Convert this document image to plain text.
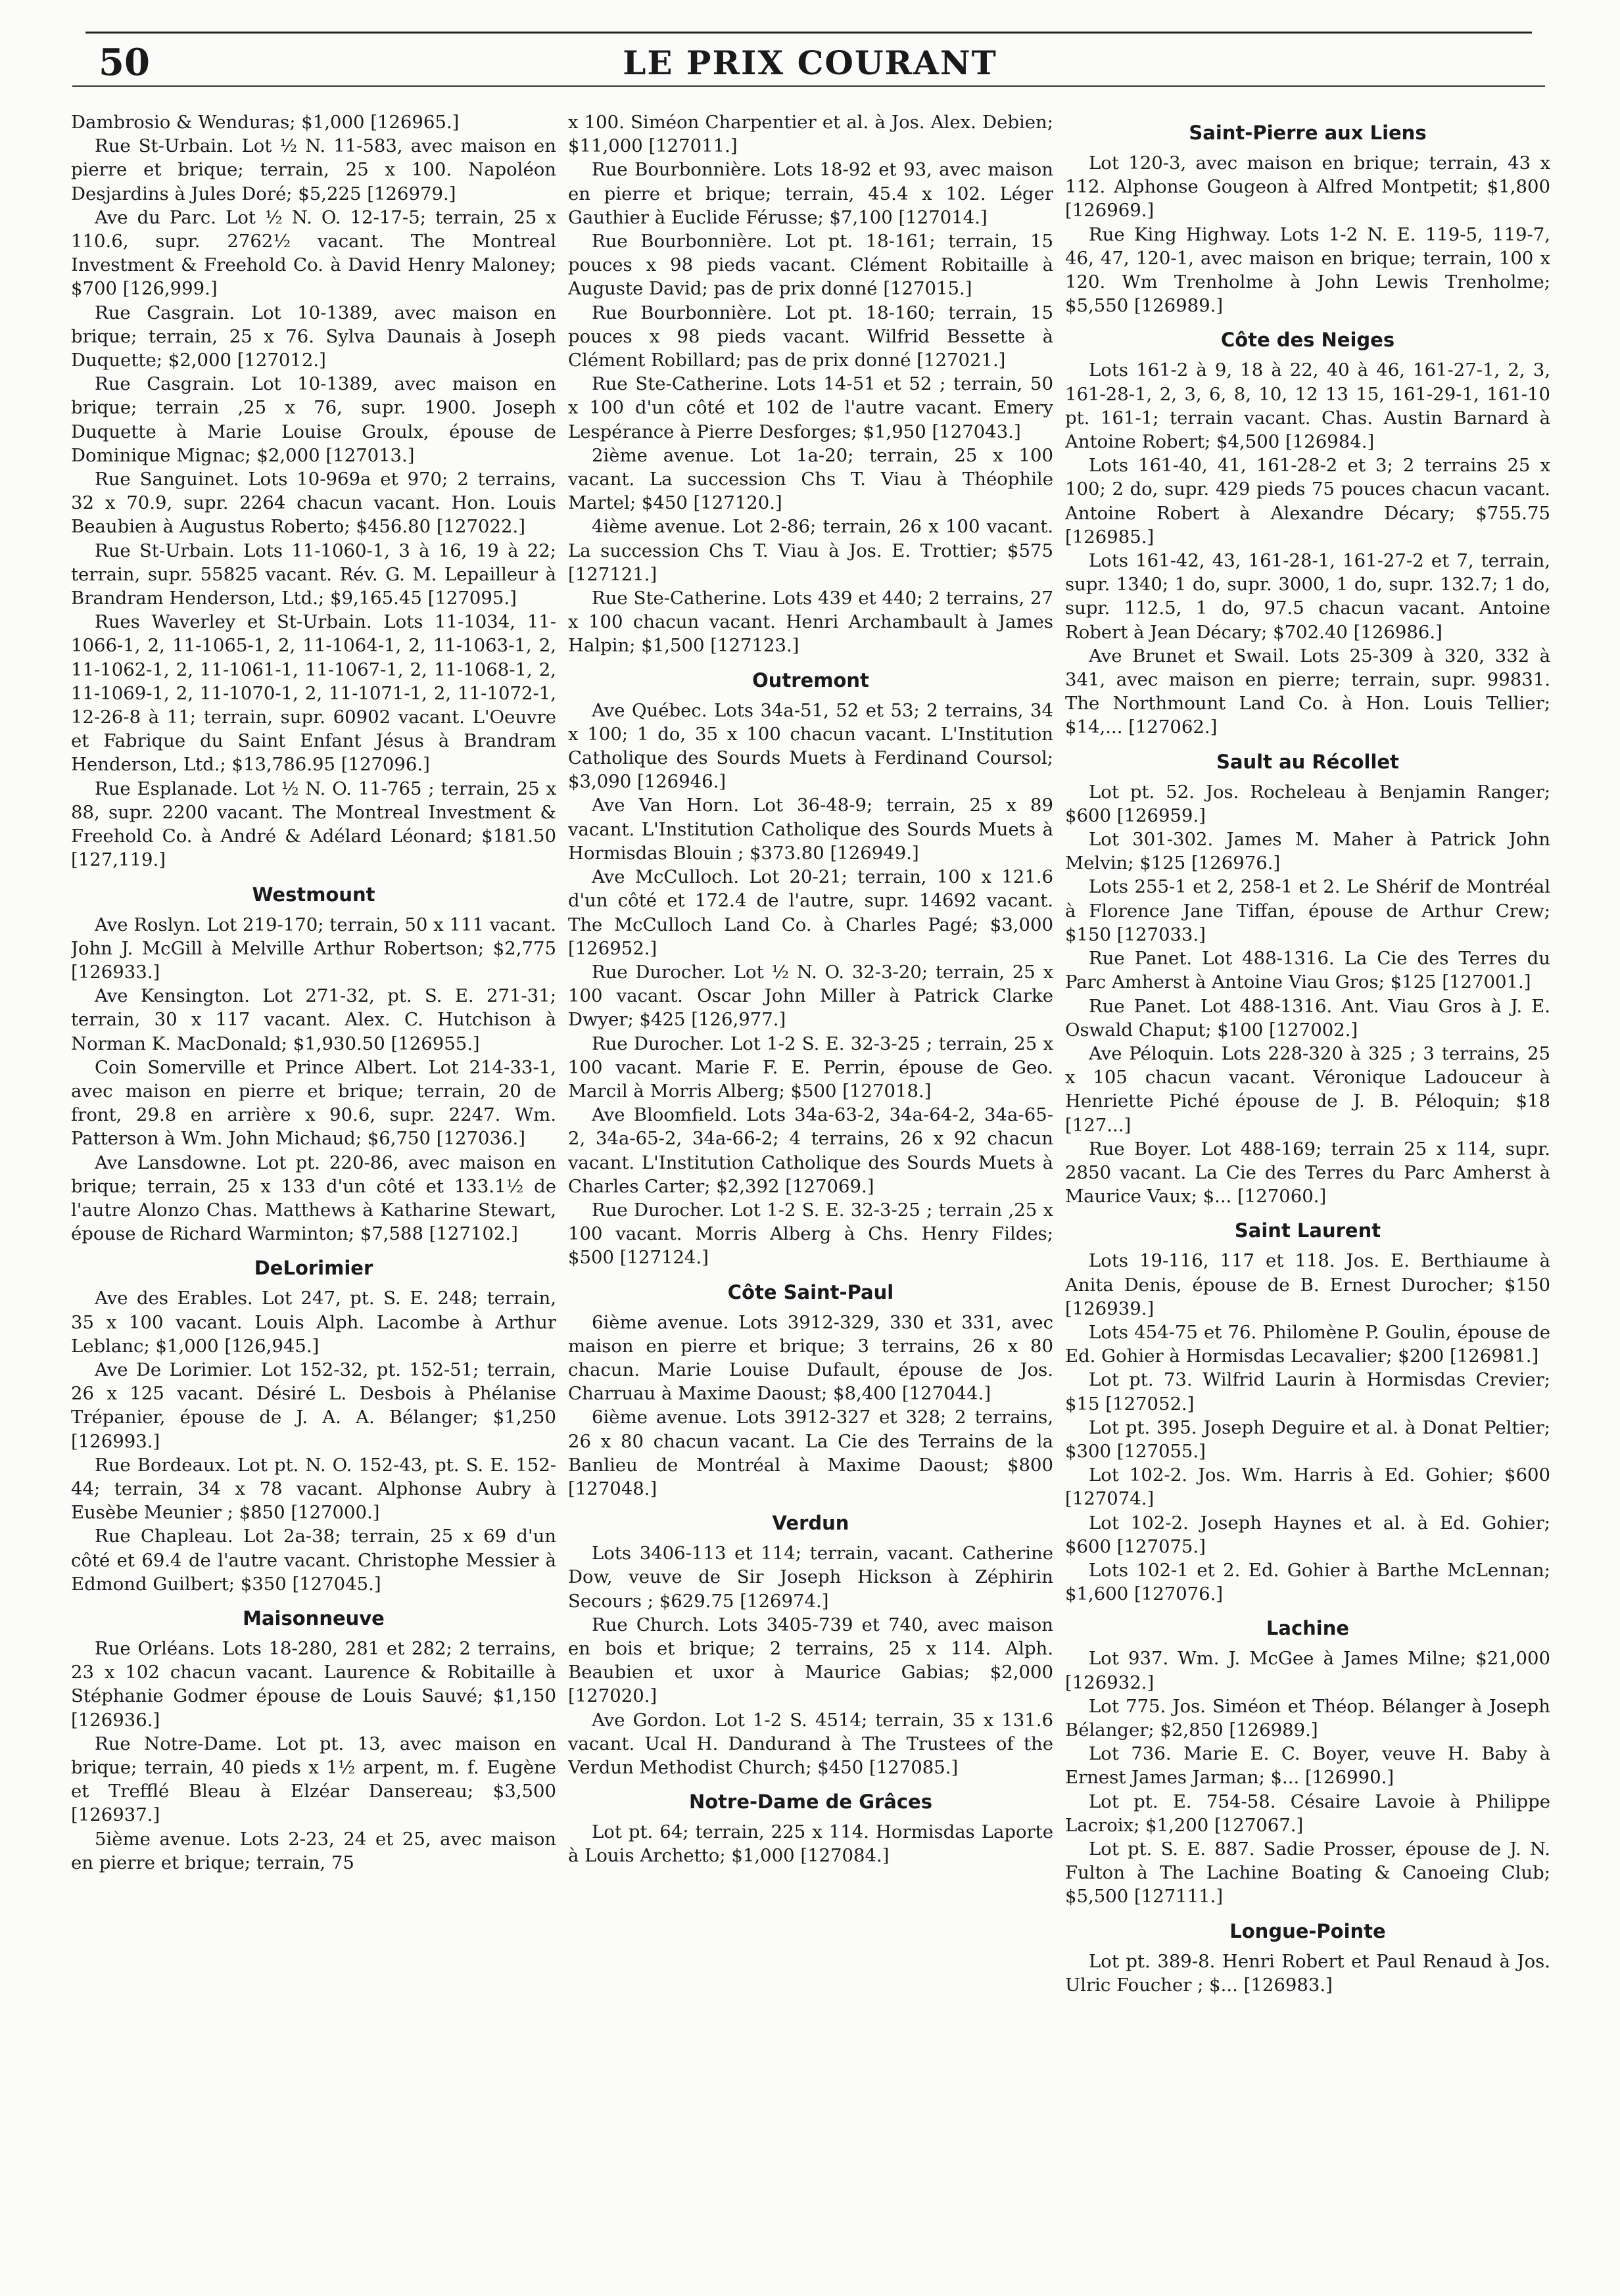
50	LE PRIX COURANT

Dambrosio & Wenduras; $1,000 [126965.]

Rue St-Urbain. Lot ½ N. 11-583, avec maison en pierre et brique; terrain, 25 x 100. Napoléon Desjardins à Jules Doré; $5,225 [126979.]

Ave du Parc. Lot ½ N. O. 12-17-5; terrain, 25 x 110.6, supr. 2762½ vacant. The Montreal Investment & Freehold Co. à David Henry Maloney; $700 [126,999.]

Rue Casgrain. Lot 10-1389, avec maison en brique; terrain, 25 x 76. Sylva Daunais à Joseph Duquette; $2,000 [127012.]

Rue Casgrain. Lot 10-1389, avec maison en brique; terrain ,25 x 76, supr. 1900. Joseph Duquette à Marie Louise Groulx, épouse de Dominique Mignac; $2,000 [127013.]

Rue Sanguinet. Lots 10-969a et 970; 2 terrains, 32 x 70.9, supr. 2264 chacun vacant. Hon. Louis Beaubien à Augustus Roberto; $456.80 [127022.]

Rue St-Urbain. Lots 11-1060-1, 3 à 16, 19 à 22; terrain, supr. 55825 vacant. Rév. G. M. Lepailleur à Brandram Henderson, Ltd.; $9,165.45 [127095.]

Rues Waverley et St-Urbain. Lots 11-1034, 11-1066-1, 2, 11-1065-1, 2, 11-1064-1, 2, 11-1063-1, 2, 11-1062-1, 2, 11-1061-1, 11-1067-1, 2, 11-1068-1, 2, 11-1069-1, 2, 11-1070-1, 2, 11-1071-1, 2, 11-1072-1, 12-26-8 à 11; terrain, supr. 60902 vacant. L'Oeuvre et Fabrique du Saint Enfant Jésus à Brandram Henderson, Ltd.; $13,786.95 [127096.]

Rue Esplanade. Lot ½ N. O. 11-765 ; terrain, 25 x 88, supr. 2200 vacant. The Montreal Investment & Freehold Co. à André & Adélard Léonard; $181.50 [127,119.]

Westmount

Ave Roslyn. Lot 219-170; terrain, 50 x 111 vacant. John J. McGill à Melville Arthur Robertson; $2,775 [126933.]

Ave Kensington. Lot 271-32, pt. S. E. 271-31; terrain, 30 x 117 vacant. Alex. C. Hutchison à Norman K. MacDonald; $1,930.50 [126955.]

Coin Somerville et Prince Albert. Lot 214-33-1, avec maison en pierre et brique; terrain, 20 de front, 29.8 en arrière x 90.6, supr. 2247. Wm. Patterson à Wm. John Michaud; $6,750 [127036.]

Ave Lansdowne. Lot pt. 220-86, avec maison en brique; terrain, 25 x 133 d'un côté et 133.1½ de l'autre Alonzo Chas. Matthews à Katharine Stewart, épouse de Richard Warminton; $7,588 [127102.]

DeLorimier

Ave des Erables. Lot 247, pt. S. E. 248; terrain, 35 x 100 vacant. Louis Alph. Lacombe à Arthur Leblanc; $1,000 [126,945.]

Ave De Lorimier. Lot 152-32, pt. 152-51; terrain, 26 x 125 vacant. Désiré L. Desbois à Phélanise Trépanier, épouse de J. A. A. Bélanger; $1,250 [126993.]

Rue Bordeaux. Lot pt. N. O. 152-43, pt. S. E. 152-44; terrain, 34 x 78 vacant. Alphonse Aubry à Eusèbe Meunier ; $850 [127000.]

Rue Chapleau. Lot 2a-38; terrain, 25 x 69 d'un côté et 69.4 de l'autre vacant. Christophe Messier à Edmond Guilbert; $350 [127045.]

Maisonneuve

Rue Orléans. Lots 18-280, 281 et 282; 2 terrains, 23 x 102 chacun vacant. Laurence & Robitaille à Stéphanie Godmer épouse de Louis Sauvé; $1,150 [126936.]

Rue Notre-Dame. Lot pt. 13, avec maison en brique; terrain, 40 pieds x 1½ arpent, m. f. Eugène et Trefflé Bleau à Elzéar Dansereau; $3,500 [126937.]

5ième avenue. Lots 2-23, 24 et 25, avec maison en pierre et brique; terrain, 75

x 100. Siméon Charpentier et al. à Jos. Alex. Debien; $11,000 [127011.]

Rue Bourbonnière. Lots 18-92 et 93, avec maison en pierre et brique; terrain, 45.4 x 102. Léger Gauthier à Euclide Férusse; $7,100 [127014.]

Rue Bourbonnière. Lot pt. 18-161; terrain, 15 pouces x 98 pieds vacant. Clément Robitaille à Auguste David; pas de prix donné [127015.]

Rue Bourbonnière. Lot pt. 18-160; terrain, 15 pouces x 98 pieds vacant. Wilfrid Bessette à Clément Robillard; pas de prix donné [127021.]

Rue Ste-Catherine. Lots 14-51 et 52 ; terrain, 50 x 100 d'un côté et 102 de l'autre vacant. Emery Lespérance à Pierre Desforges; $1,950 [127043.]

2ième avenue. Lot 1a-20; terrain, 25 x 100 vacant. La succession Chs T. Viau à Théophile Martel; $450 [127120.]

4ième avenue. Lot 2-86; terrain, 26 x 100 vacant. La succession Chs T. Viau à Jos. E. Trottier; $575 [127121.]

Rue Ste-Catherine. Lots 439 et 440; 2 terrains, 27 x 100 chacun vacant. Henri Archambault à James Halpin; $1,500 [127123.]

Outremont

Ave Québec. Lots 34a-51, 52 et 53; 2 terrains, 34 x 100; 1 do, 35 x 100 chacun vacant. L'Institution Catholique des Sourds Muets à Ferdinand Coursol; $3,090 [126946.]

Ave Van Horn. Lot 36-48-9; terrain, 25 x 89 vacant. L'Institution Catholique des Sourds Muets à Hormisdas Blouin ; $373.80 [126949.]

Ave McCulloch. Lot 20-21; terrain, 100 x 121.6 d'un côté et 172.4 de l'autre, supr. 14692 vacant. The McCulloch Land Co. à Charles Pagé; $3,000 [126952.]

Rue Durocher. Lot ½ N. O. 32-3-20; terrain, 25 x 100 vacant. Oscar John Miller à Patrick Clarke Dwyer; $425 [126,977.]

Rue Durocher. Lot 1-2 S. E. 32-3-25 ; terrain, 25 x 100 vacant. Marie F. E. Perrin, épouse de Geo. Marcil à Morris Alberg; $500 [127018.]

Ave Bloomfield. Lots 34a-63-2, 34a-64-2, 34a-65-2, 34a-65-2, 34a-66-2; 4 terrains, 26 x 92 chacun vacant. L'Institution Catholique des Sourds Muets à Charles Carter; $2,392 [127069.]

Rue Durocher. Lot 1-2 S. E. 32-3-25 ; terrain ,25 x 100 vacant. Morris Alberg à Chs. Henry Fildes; $500 [127124.]

Côte Saint-Paul

6ième avenue. Lots 3912-329, 330 et 331, avec maison en pierre et brique; 3 terrains, 26 x 80 chacun. Marie Louise Dufault, épouse de Jos. Charruau à Maxime Daoust; $8,400 [127044.]

6ième avenue. Lots 3912-327 et 328; 2 terrains, 26 x 80 chacun vacant. La Cie des Terrains de la Banlieu de Montréal à Maxime Daoust; $800 [127048.]

Verdun

Lots 3406-113 et 114; terrain, vacant. Catherine Dow, veuve de Sir Joseph Hickson à Zéphirin Secours ; $629.75 [126974.]

Rue Church. Lots 3405-739 et 740, avec maison en bois et brique; 2 terrains, 25 x 114. Alph. Beaubien et uxor à Maurice Gabias; $2,000 [127020.]

Ave Gordon. Lot 1-2 S. 4514; terrain, 35 x 131.6 vacant. Ucal H. Dandurand à The Trustees of the Verdun Methodist Church; $450 [127085.]

Notre-Dame de Grâces

Lot pt. 64; terrain, 225 x 114. Hormisdas Laporte à Louis Archetto; $1,000 [127084.]

Saint-Pierre aux Liens

Lot 120-3, avec maison en brique; terrain, 43 x 112. Alphonse Gougeon à Alfred Montpetit; $1,800 [126969.]

Rue King Highway. Lots 1-2 N. E. 119-5, 119-7, 46, 47, 120-1, avec maison en brique; terrain, 100 x 120. Wm Trenholme à John Lewis Trenholme; $5,550 [126989.]

Côte des Neiges

Lots 161-2 à 9, 18 à 22, 40 à 46, 161-27-1, 2, 3, 161-28-1, 2, 3, 6, 8, 10, 12 13 15, 161-29-1, 161-10 pt. 161-1; terrain vacant. Chas. Austin Barnard à Antoine Robert; $4,500 [126984.]

Lots 161-40, 41, 161-28-2 et 3; 2 terrains 25 x 100; 2 do, supr. 429 pieds 75 pouces chacun vacant. Antoine Robert à Alexandre Décary; $755.75 [126985.]

Lots 161-42, 43, 161-28-1, 161-27-2 et 7, terrain, supr. 1340; 1 do, supr. 3000, 1 do, supr. 132.7; 1 do, supr. 112.5, 1 do, 97.5 chacun vacant. Antoine Robert à Jean Décary; $702.40 [126986.]

Ave Brunet et Swail. Lots 25-309 à 320, 332 à 341, avec maison en pierre; terrain, supr. 99831. The Northmount Land Co. à Hon. Louis Tellier; $14,... [127062.]

Sault au Récollet

Lot pt. 52. Jos. Rocheleau à Benjamin Ranger; $600 [126959.]

Lot 301-302. James M. Maher à Patrick John Melvin; $125 [126976.]

Lots 255-1 et 2, 258-1 et 2. Le Shérif de Montréal à Florence Jane Tiffan, épouse de Arthur Crew; $150 [127033.]

Rue Panet. Lot 488-1316. La Cie des Terres du Parc Amherst à Antoine Viau Gros; $125 [127001.]

Rue Panet. Lot 488-1316. Ant. Viau Gros à J. E. Oswald Chaput; $100 [127002.]

Ave Péloquin. Lots 228-320 à 325 ; 3 terrains, 25 x 105 chacun vacant. Véronique Ladouceur à Henriette Piché épouse de J. B. Péloquin; $18 [127...]

Rue Boyer. Lot 488-169; terrain 25 x 114, supr. 2850 vacant. La Cie des Terres du Parc Amherst à Maurice Vaux; $... [127060.]

Saint Laurent

Lots 19-116, 117 et 118. Jos. E. Berthiaume à Anita Denis, épouse de B. Ernest Durocher; $150 [126939.]

Lots 454-75 et 76. Philomène P. Goulin, épouse de Ed. Gohier à Hormisdas Lecavalier; $200 [126981.]

Lot pt. 73. Wilfrid Laurin à Hormisdas Crevier; $15 [127052.]

Lot pt. 395. Joseph Deguire et al. à Donat Peltier; $300 [127055.]

Lot 102-2. Jos. Wm. Harris à Ed. Gohier; $600 [127074.]

Lot 102-2. Joseph Haynes et al. à Ed. Gohier; $600 [127075.]

Lots 102-1 et 2. Ed. Gohier à Barthe McLennan; $1,600 [127076.]

Lachine

Lot 937. Wm. J. McGee à James Milne; $21,000 [126932.]

Lot 775. Jos. Siméon et Théop. Bélanger à Joseph Bélanger; $2,850 [126989.]

Lot 736. Marie E. C. Boyer, veuve H. Baby à Ernest James Jarman; $... [126990.]

Lot pt. E. 754-58. Césaire Lavoie à Philippe Lacroix; $1,200 [127067.]

Lot pt. S. E. 887. Sadie Prosser, épouse de J. N. Fulton à The Lachine Boating & Canoeing Club; $5,500 [127111.]

Longue-Pointe

Lot pt. 389-8. Henri Robert et Paul Renaud à Jos. Ulric Foucher ; $... [126983.]
